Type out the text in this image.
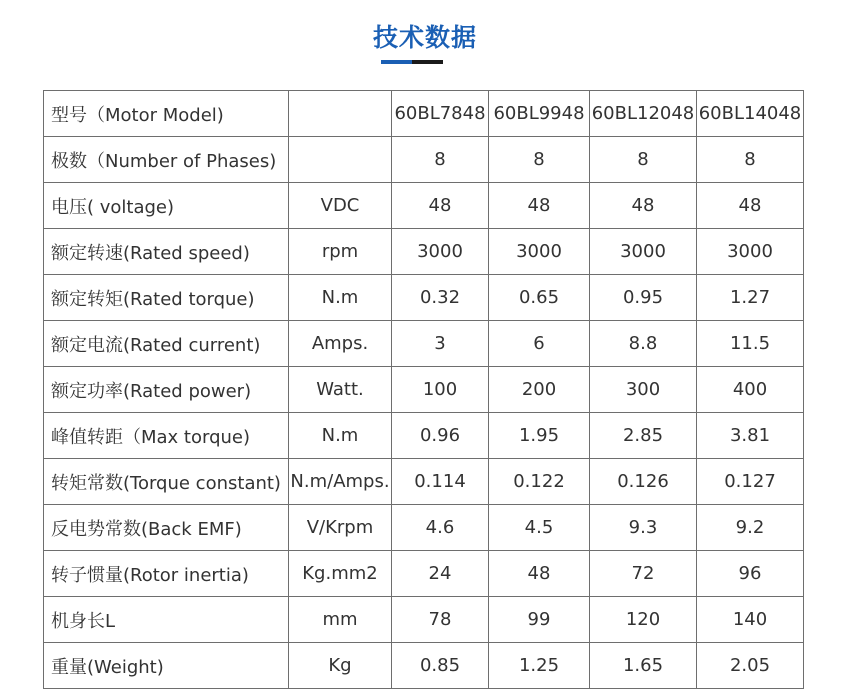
技术数据
型号（Motor Model)		60BL7848	60BL9948	60BL12048	60BL14048
极数（Number of Phases)		8	8	8	8
电压( voltage)	VDC	48	48	48	48
额定转速(Rated speed)	rpm	3000	3000	3000	3000
额定转矩(Rated torque)	N.m	0.32	0.65	0.95	1.27
额定电流(Rated current)	Amps.	3	6	8.8	11.5
额定功率(Rated power)	Watt.	100	200	300	400
峰值转距（Max torque)	N.m	0.96	1.95	2.85	3.81
转矩常数(Torque constant)	N.m/Amps.	0.114	0.122	0.126	0.127
反电势常数(Back EMF)	V/Krpm	4.6	4.5	9.3	9.2
转子惯量(Rotor inertia)	Kg.mm2	24	48	72	96
机身长L	mm	78	99	120	140
重量(Weight)	Kg	0.85	1.25	1.65	2.05
